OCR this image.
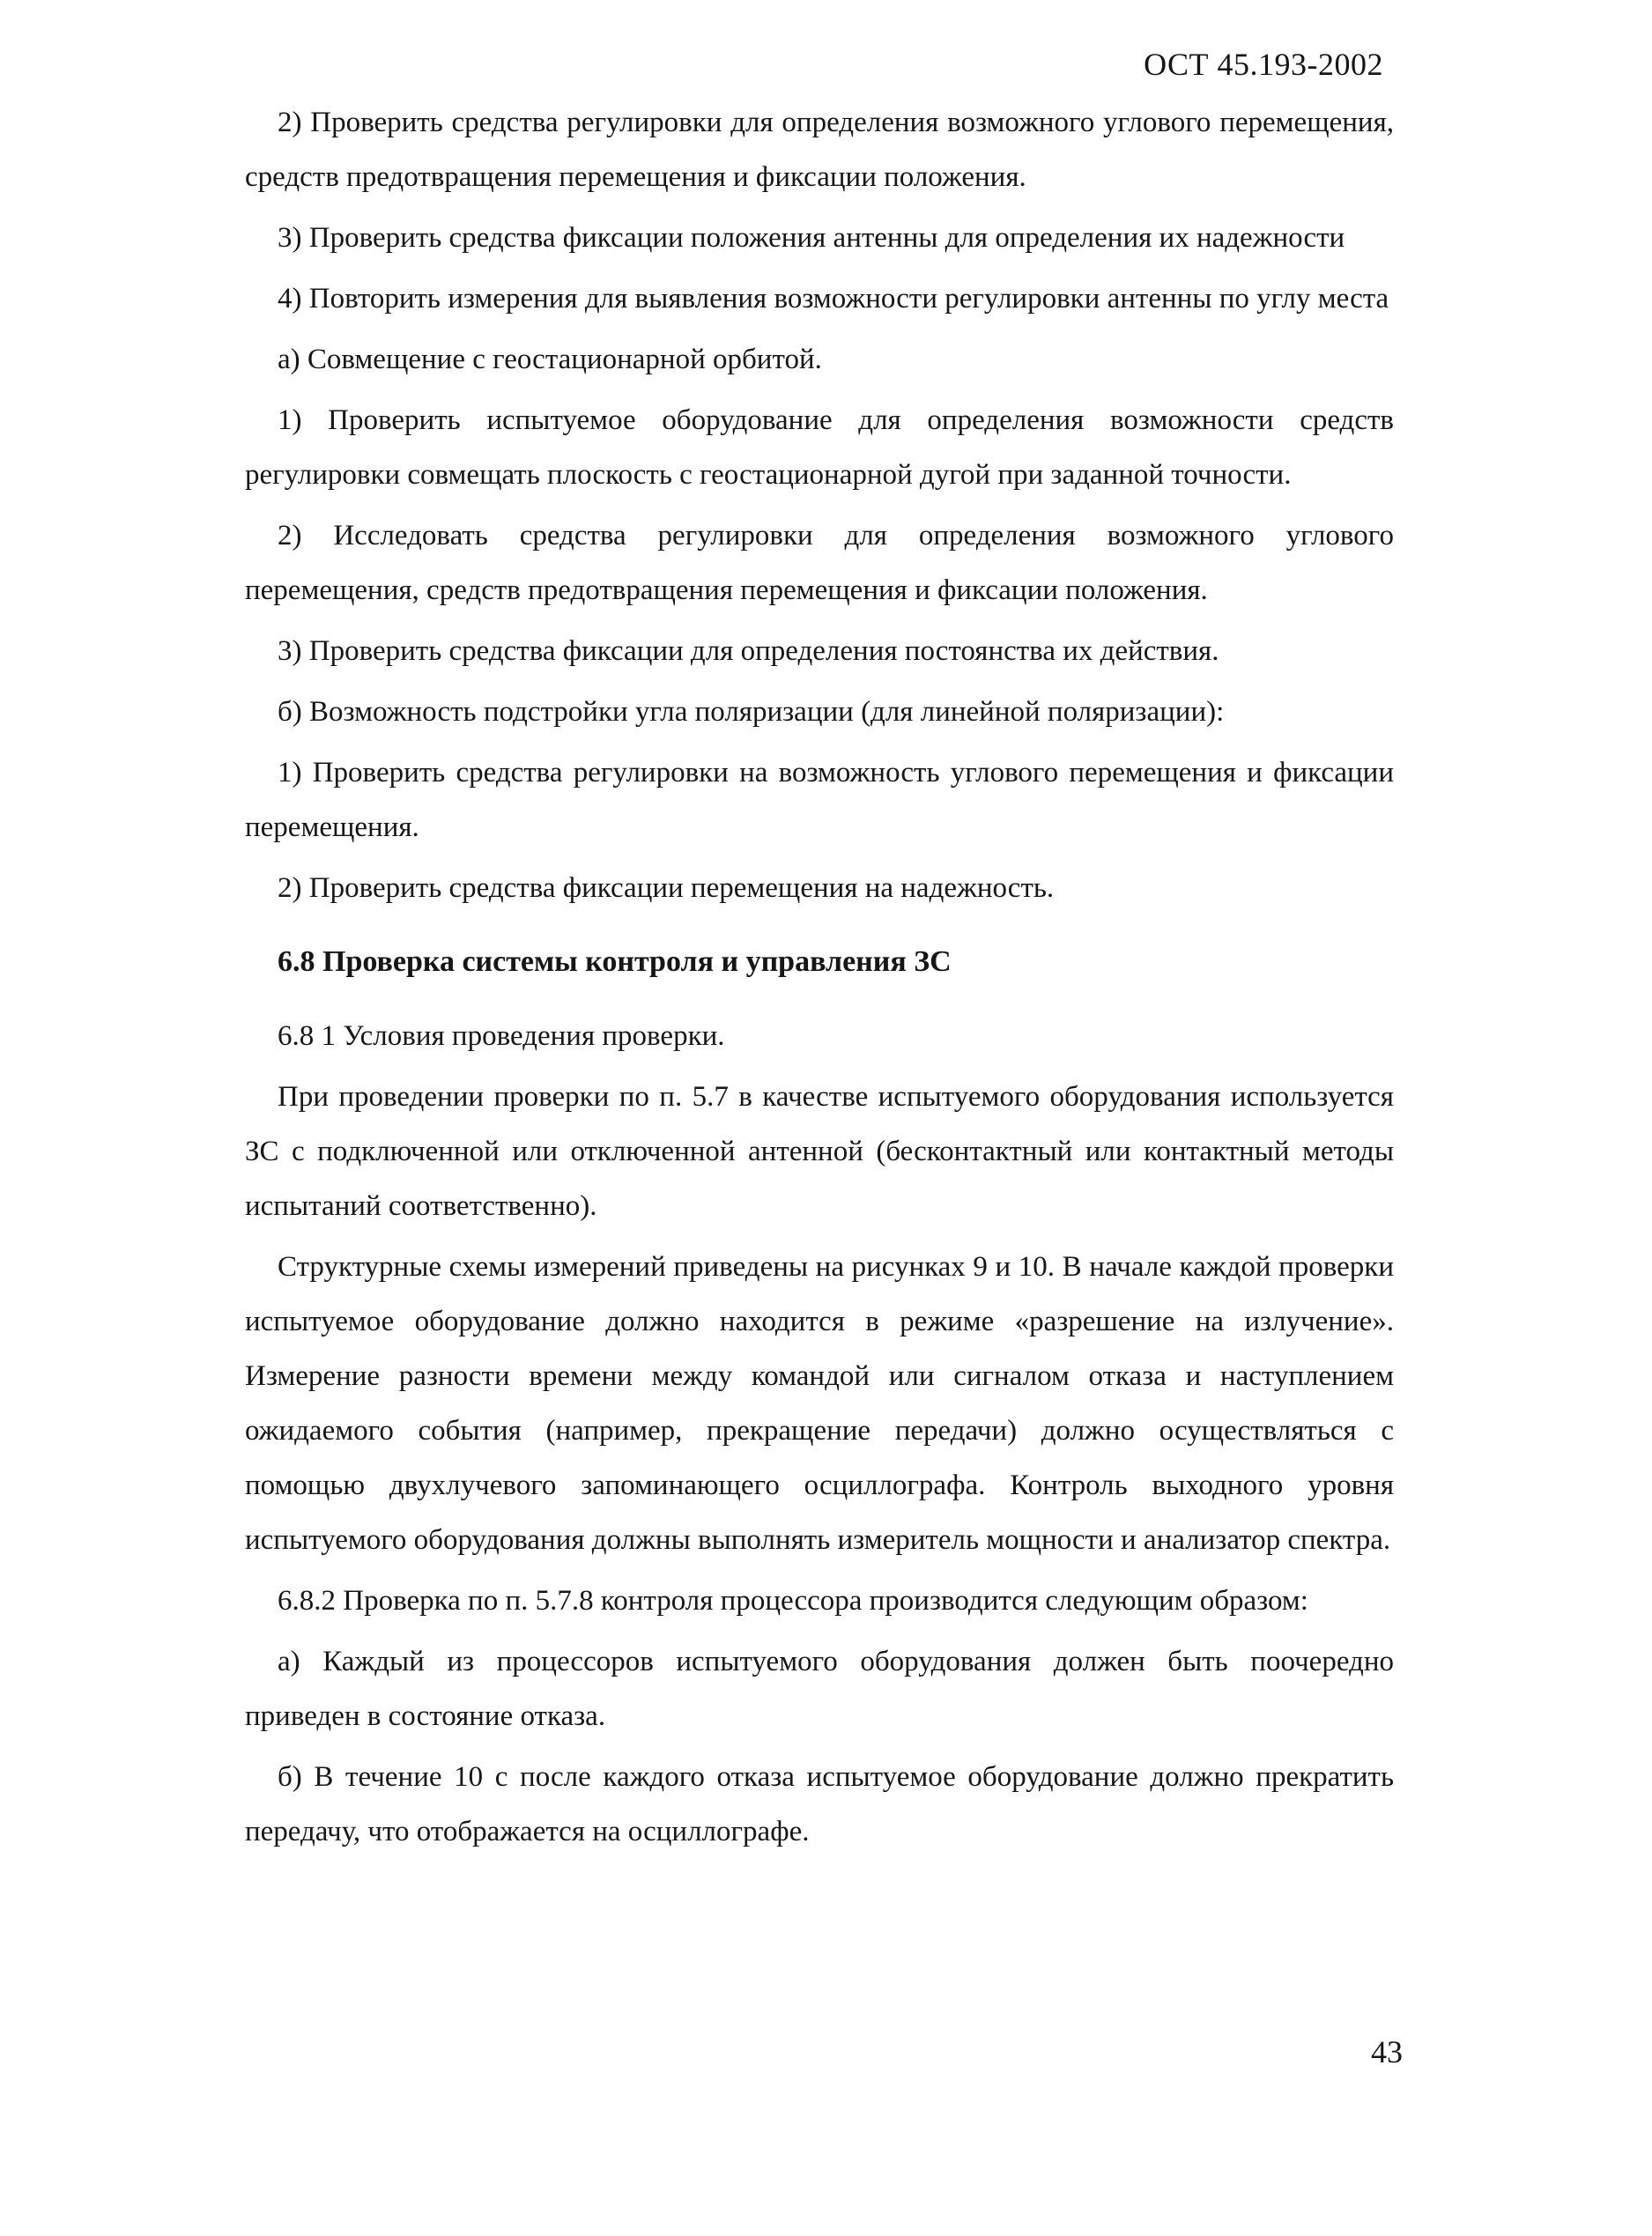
ОСТ 45.193-2002

2) Проверить средства регулировки для определения возможного углового перемещения, средств предотвращения перемещения и фиксации положения.

3) Проверить средства фиксации положения антенны для определения их надежности

4) Повторить измерения для выявления возможности регулировки антенны по углу места

а) Совмещение с геостационарной орбитой.

1) Проверить испытуемое оборудование для определения возможности средств регулировки совмещать плоскость с геостационарной дугой при заданной точности.

2) Исследовать средства регулировки для определения возможного углового перемещения, средств предотвращения перемещения и фиксации положения.

3) Проверить средства фиксации для определения постоянства их действия.

б) Возможность подстройки угла поляризации (для линейной поляризации):

1) Проверить средства регулировки на возможность углового перемещения и фиксации перемещения.

2) Проверить средства фиксации перемещения на надежность.

6.8 Проверка системы контроля и управления ЗС

6.8 1 Условия проведения проверки.

При проведении проверки по п. 5.7 в качестве испытуемого оборудования используется ЗС с подключенной или отключенной антенной (бесконтактный или контактный методы испытаний соответственно).

Структурные схемы измерений приведены на рисунках 9 и 10. В начале каждой проверки испытуемое оборудование должно находится в режиме «разрешение на излучение». Измерение разности времени между командой или сигналом отказа и наступлением ожидаемого события (например, прекращение передачи) должно осуществляться с помощью двухлучевого запоминающего осциллографа. Контроль выходного уровня испытуемого оборудования должны выполнять измеритель мощности и анализатор спектра.

6.8.2 Проверка по п. 5.7.8 контроля процессора производится следующим образом:

а) Каждый из процессоров испытуемого оборудования должен быть поочередно приведен в состояние отказа.

б) В течение 10 с после каждого отказа испытуемое оборудование должно прекратить передачу, что отображается на осциллографе.

43
